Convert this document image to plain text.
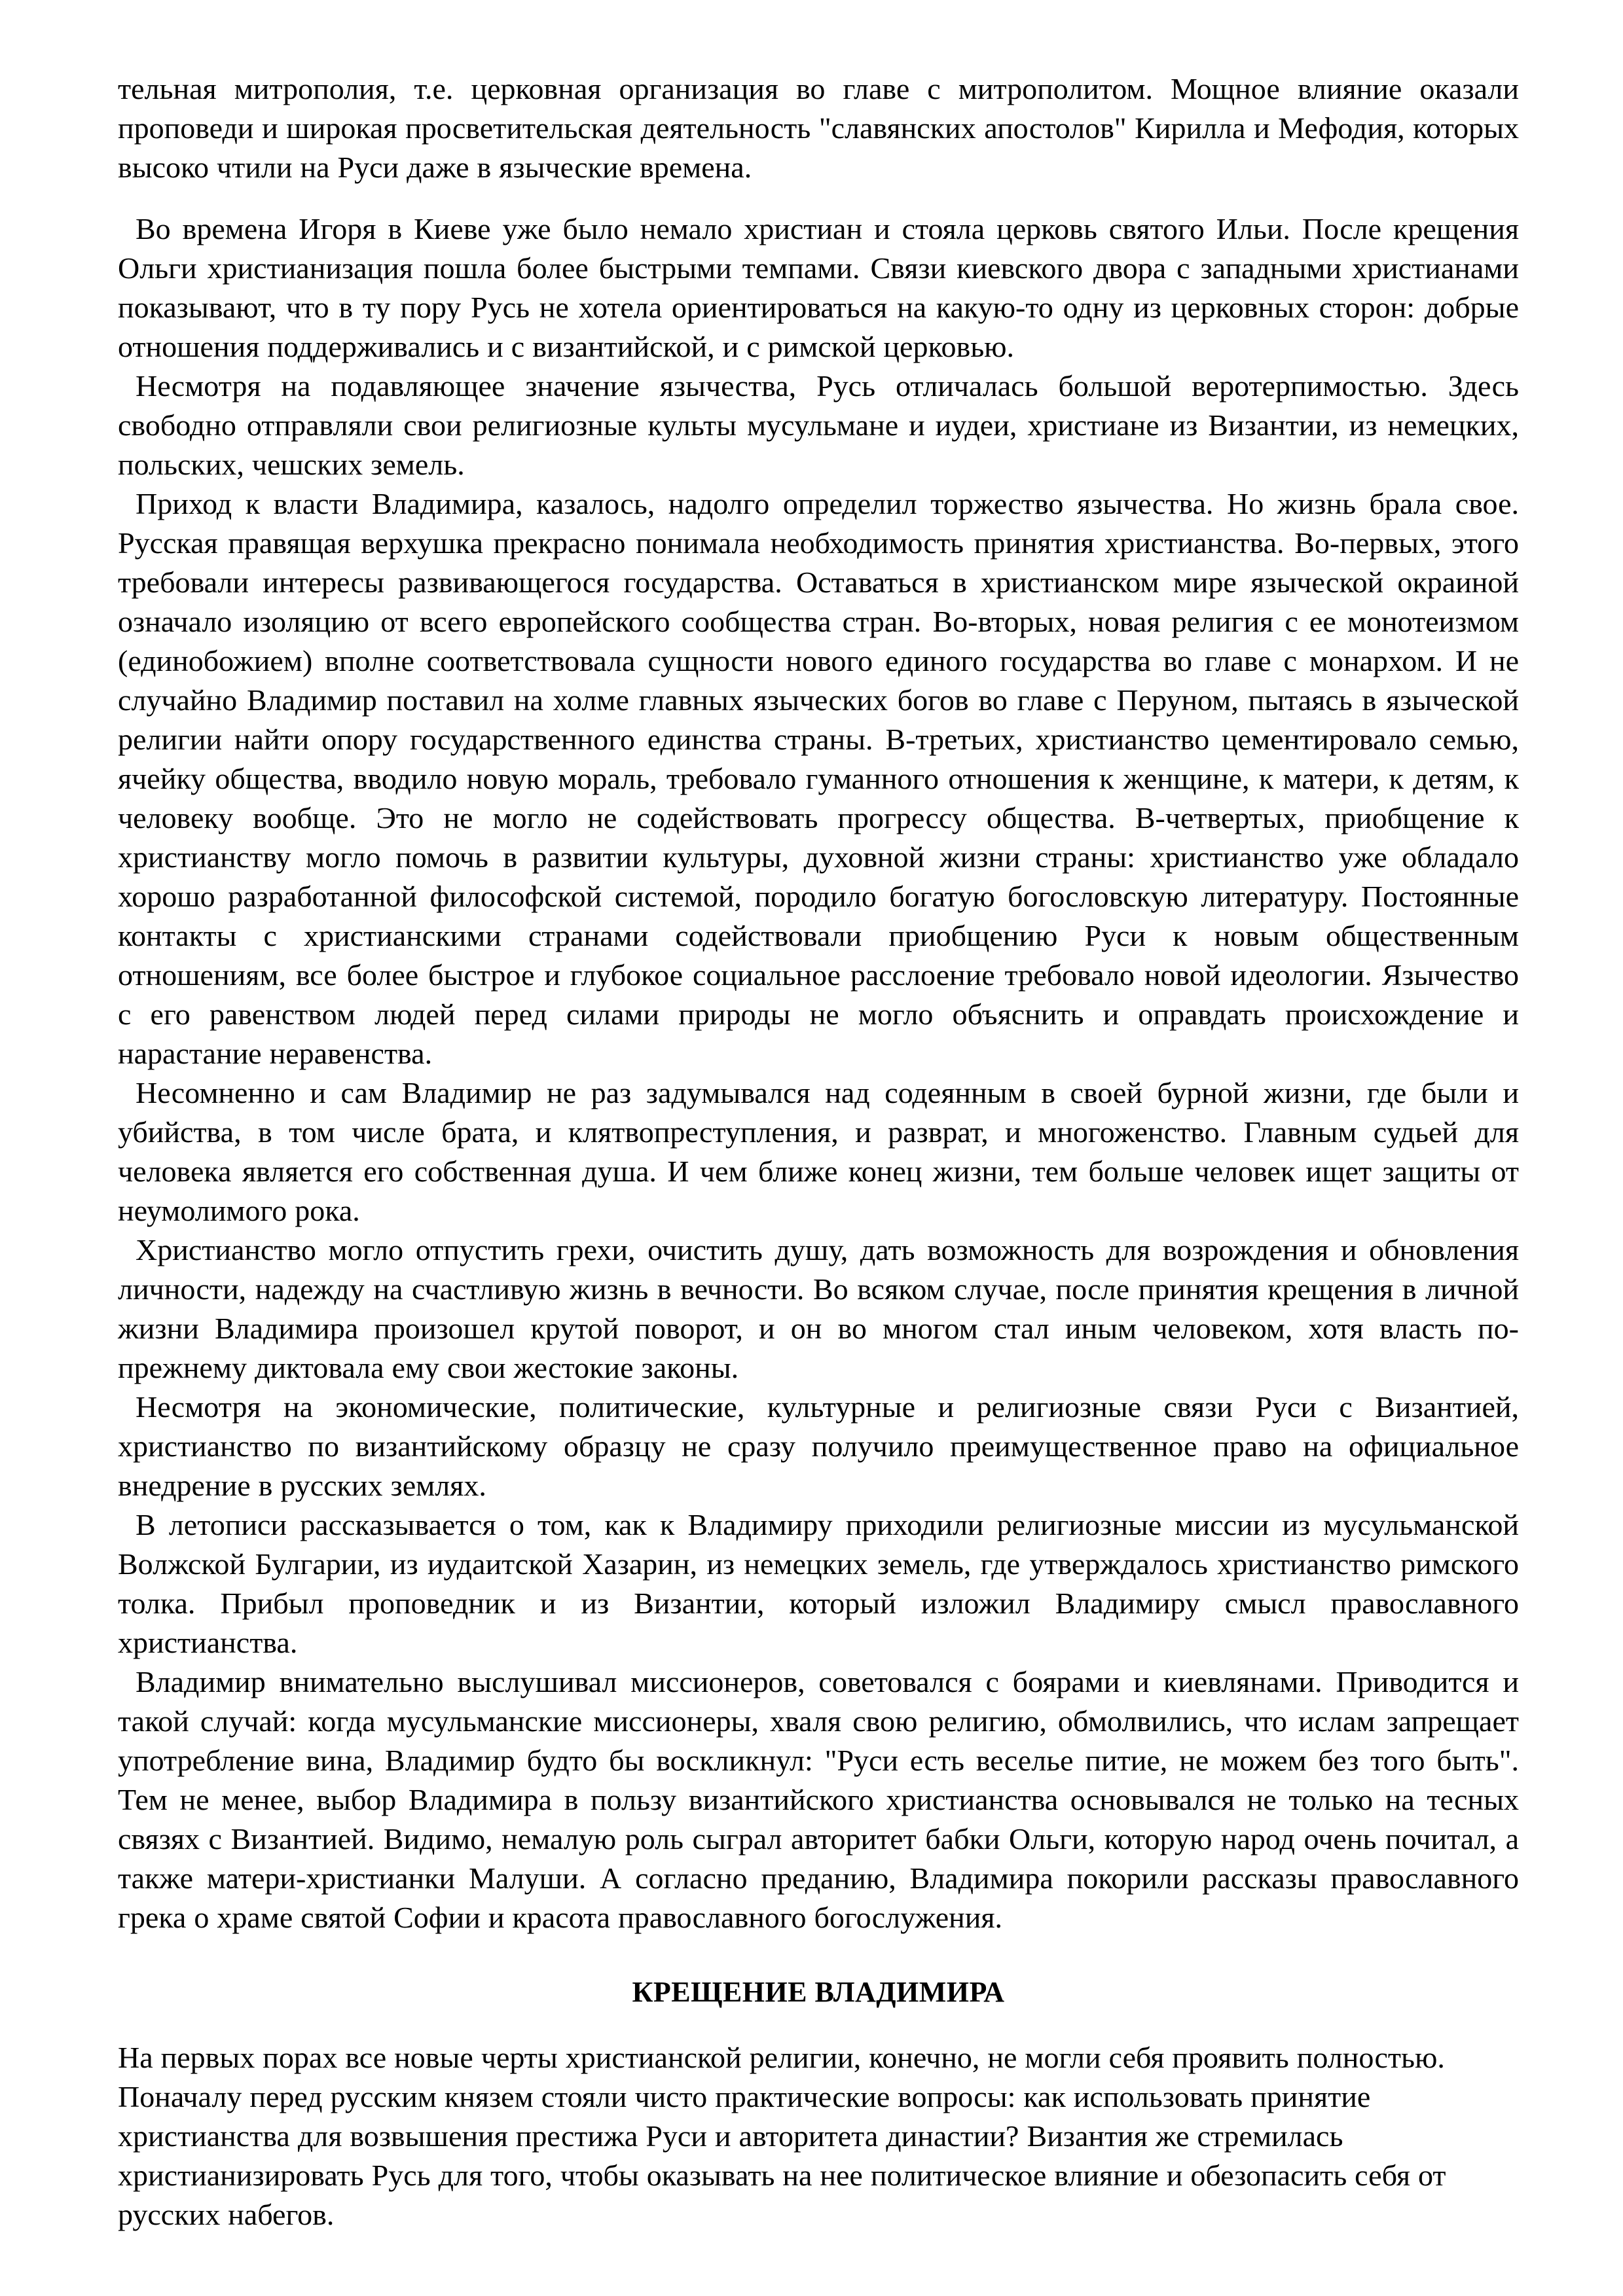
тельная митрополия, т.е. церковная организация во главе с митрополитом. Мощное влияние оказали проповеди и широкая просветительская деятельность "славянских апостолов" Кирилла и Мефодия, которых высоко чтили на Руси даже в языческие времена.

Во времена Игоря в Киеве уже было немало христиан и стояла церковь святого Ильи. После крещения Ольги христианизация пошла более быстрыми темпами. Связи киевского двора с западными христианами показывают, что в ту пору Русь не хотела ориентироваться на какую-то одну из церковных сторон: добрые отношения поддерживались и с византийской, и с римской церковью.

Несмотря на подавляющее значение язычества, Русь отличалась большой веротерпимостью. Здесь свободно отправляли свои религиозные культы мусульмане и иудеи, христиане из Византии, из немецких, польских, чешских земель.

Приход к власти Владимира, казалось, надолго определил торжество язычества. Но жизнь брала свое. Русская правящая верхушка прекрасно понимала необходимость принятия христианства. Во-первых, этого требовали интересы развивающегося государства. Оставаться в христианском мире языческой окраиной означало изоляцию от всего европейского сообщества стран. Во-вторых, новая религия с ее монотеизмом (единобожием) вполне соответствовала сущности нового единого государства во главе с монархом. И не случайно Владимир поставил на холме главных языческих богов во главе с Перуном, пытаясь в языческой религии найти опору государственного единства страны. В-третьих, христианство цементировало семью, ячейку общества, вводило новую мораль, требовало гуманного отношения к женщине, к матери, к детям, к человеку вообще. Это не могло не содействовать прогрессу общества. В-четвертых, приобщение к христианству могло помочь в развитии культуры, духовной жизни страны: христианство уже обладало хорошо разработанной философской системой, породило богатую богословскую литературу. Постоянные контакты с христианскими странами содействовали приобщению Руси к новым общественным отношениям, все более быстрое и глубокое социальное расслоение требовало новой идеологии. Язычество с его равенством людей перед силами природы не могло объяснить и оправдать происхождение и нарастание неравенства.

Несомненно и сам Владимир не раз задумывался над содеянным в своей бурной жизни, где были и убийства, в том числе брата, и клятвопреступления, и разврат, и многоженство. Главным судьей для человека является его собственная душа. И чем ближе конец жизни, тем больше человек ищет защиты от неумолимого рока.

Христианство могло отпустить грехи, очистить душу, дать возможность для возрождения и обновления личности, надежду на счастливую жизнь в вечности. Во всяком случае, после принятия крещения в личной жизни Владимира произошел крутой поворот, и он во многом стал иным человеком, хотя власть по-прежнему диктовала ему свои жестокие законы.

Несмотря на экономические, политические, культурные и религиозные связи Руси с Византией, христианство по византийскому образцу не сразу получило преимущественное право на официальное внедрение в русских землях.

В летописи рассказывается о том, как к Владимиру приходили религиозные миссии из мусульманской Волжской Булгарии, из иудаитской Хазарин, из немецких земель, где утверждалось христианство римского толка. Прибыл проповедник и из Византии, который изложил Владимиру смысл православного христианства.

Владимир внимательно выслушивал миссионеров, советовался с боярами и киевлянами. Приводится и такой случай: когда мусульманские миссионеры, хваля свою религию, обмолвились, что ислам запрещает употребление вина, Владимир будто бы воскликнул: "Руси есть веселье питие, не можем без того быть". Тем не менее, выбор Владимира в пользу византийского христианства основывался не только на тесных связях с Византией. Видимо, немалую роль сыграл авторитет бабки Ольги, которую народ очень почитал, а также матери-христианки Малуши. А согласно преданию, Владимира покорили рассказы православного грека о храме святой Софии и красота православного богослужения.

КРЕЩЕНИЕ ВЛАДИМИРА

На первых порах все новые черты христианской религии, конечно, не могли себя проявить полностью. Поначалу перед русским князем стояли чисто практические вопросы: как использовать принятие христианства для возвышения престижа Руси и авторитета династии? Византия же стремилась христианизировать Русь для того, чтобы оказывать на нее политическое влияние и обезопасить себя от русских набегов.
